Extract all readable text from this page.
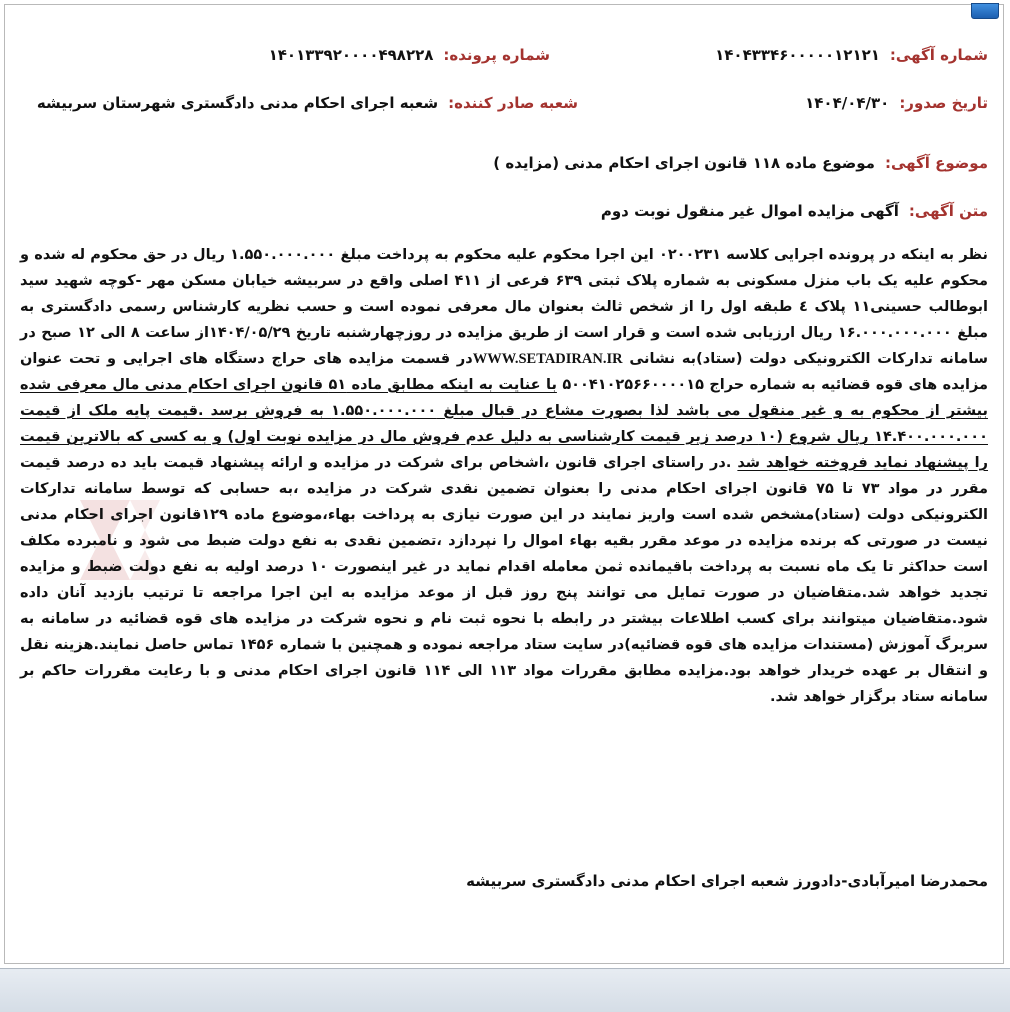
شماره آگهی:
۱۴۰۴۳۳۴۶۰۰۰۰۰۱۲۱۲۱
شماره پرونده:
۱۴۰۱۳۳۹۲۰۰۰۰۴۹۸۲۲۸
تاریخ صدور:
۱۴۰۴/۰۴/۳۰
شعبه صادر کننده:
شعبه اجرای احکام مدنی دادگستری شهرستان سربیشه
موضوع آگهی:
موضوع ماده ۱۱۸ قانون اجرای احکام مدنی (مزایده )
متن آگهی:
آگهی مزایده اموال غیر منقول نوبت دوم

نظر به اینکه در پرونده اجرایی کلاسه ۰۲۰۰۲۳۱ این اجرا محکوم علیه محکوم به پرداخت مبلغ ۱.۵۵۰.۰۰۰.۰۰۰ ریال در حق محکوم له شده و محکوم علیه یک باب منزل مسکونی به شماره پلاک ثبتی ۶۳۹ فرعی از ۴۱۱ اصلی واقع در سربیشه خیابان مسکن مهر -کوچه شهید سید ابوطالب حسینی۱۱ پلاک ٤ طبقه اول را از شخص ثالث بعنوان مال معرفی نموده است و حسب نظریه کارشناس رسمی دادگستری به مبلغ ۱۶.۰۰۰.۰۰۰.۰۰۰ ریال ارزیابی شده است و قرار است از طریق مزایده در روزچهارشنبه تاریخ ۱۴۰۴/۰۵/۲۹از ساعت ۸ الی ۱۲ صبح در سامانه تدارکات الکترونیکی دولت (ستاد)به نشانی WWW.SETADIRAN.IRدر قسمت مزایده های حراج دستگاه های اجرایی و تحت عنوان مزایده های قوه قضائیه به شماره حراج ۵۰۰۴۱۰۲۵۶۶۰۰۰۰۱۵ با عنایت به اینکه مطابق ماده ۵۱ قانون اجرای احکام مدنی مال معرفی شده بیشتر از محکوم به و غیر منقول می باشد لذا بصورت مشاع در قبال مبلغ ۱.۵۵۰.۰۰۰.۰۰۰ به فروش برسد .قیمت پایه ملک از قیمت ۱۴.۴۰۰.۰۰۰.۰۰۰ ریال شروع (۱۰ درصد زیر قیمت کارشناسی به دلیل عدم فروش مال در مزایده نوبت اول) و به کسی که بالاترین قیمت را پیشنهاد نماید فروخته خواهد شد .در راستای اجرای قانون ،اشخاص برای شرکت در مزایده و ارائه پیشنهاد قیمت باید ده درصد قیمت مقرر در مواد ۷۳ تا ۷۵ قانون اجرای احکام مدنی را بعنوان تضمین نقدی شرکت در مزایده ،به حسابی که توسط سامانه تدارکات الکترونیکی دولت (ستاد)مشخص شده است واریز نمایند در این صورت نیازی به پرداخت بهاء،موضوع ماده ۱۲۹قانون اجرای احکام مدنی نیست در صورتی که برنده مزایده در موعد مقرر بقیه بهاء اموال را نپردازد ،تضمین نقدی به نفع دولت ضبط می شود و نامبرده مکلف است حداکثر تا یک ماه نسبت به پرداخت باقیمانده ثمن معامله اقدام نماید در غیر اینصورت ۱۰ درصد اولیه به نفع دولت ضبط و مزایده تجدید خواهد شد.متقاضیان در صورت تمایل می توانند پنج روز قبل از موعد مزایده به این اجرا مراجعه تا ترتیب بازدید آنان داده شود.متقاضیان میتوانند برای کسب اطلاعات بیشتر در رابطه با نحوه ثبت نام و نحوه شرکت در مزایده های قوه قضائیه در سامانه به سربرگ آموزش (مستندات مزایده های قوه قضائیه)در سایت ستاد مراجعه نموده و همچنین با شماره ۱۴۵۶ تماس حاصل نمایند.هزینه نقل و انتقال بر عهده خریدار خواهد بود.مزایده مطابق مقررات مواد ۱۱۳ الی ۱۱۴ قانون اجرای احکام مدنی و با رعایت مقررات حاکم بر سامانه ستاد برگزار خواهد شد.

محمدرضا امیرآبادی-دادورز شعبه اجرای احکام مدنی دادگستری سربیشه
